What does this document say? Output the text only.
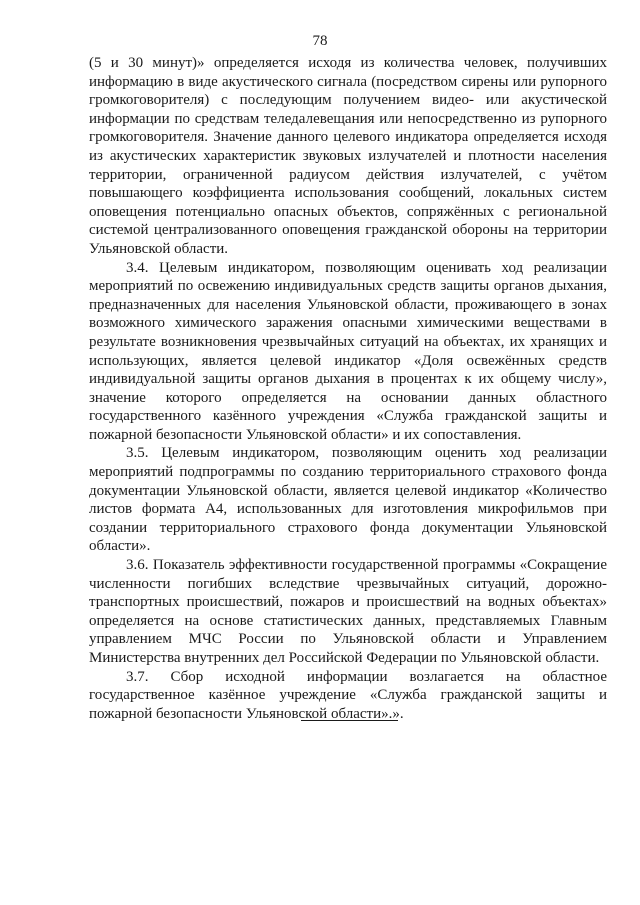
78

(5 и 30 минут)» определяется исходя из количества человек, получивших информацию в виде акустического сигнала (посредством сирены или рупорного громкоговорителя) с последующим получением видео- или акустической информации по средствам теледалевещания или непосредственно из рупорного громкоговорителя. Значение данного целевого индикатора определяется исходя из акустических характеристик звуковых излучателей и плотности населения территории, ограниченной радиусом действия излучателей, с учётом повышающего коэффициента использования сообщений, локальных систем оповещения потенциально опасных объектов, сопряжённых с региональной системой централизованного оповещения гражданской обороны на территории Ульяновской области.

3.4. Целевым индикатором, позволяющим оценивать ход реализации мероприятий по освежению индивидуальных средств защиты органов дыхания, предназначенных для населения Ульяновской области, проживающего в зонах возможного химического заражения опасными химическими веществами в результате возникновения чрезвычайных ситуаций на объектах, их хранящих и использующих, является целевой индикатор «Доля освежённых средств индивидуальной защиты органов дыхания в процентах к их общему числу», значение которого определяется на основании данных областного государственного казённого учреждения «Служба гражданской защиты и пожарной безопасности Ульяновской области» и их сопоставления.

3.5. Целевым индикатором, позволяющим оценить ход реализации мероприятий подпрограммы по созданию территориального страхового фонда документации Ульяновской области, является целевой индикатор «Количество листов формата А4, использованных для изготовления микрофильмов при создании территориального страхового фонда документации Ульяновской области».

3.6. Показатель эффективности государственной программы «Сокращение численности погибших вследствие чрезвычайных ситуаций, дорожно-транспортных происшествий, пожаров и происшествий на водных объектах» определяется на основе статистических данных, представляемых Главным управлением МЧС России по Ульяновской области и Управлением Министерства внутренних дел Российской Федерации по Ульяновской области.

3.7. Сбор исходной информации возлагается на областное государственное казённое учреждение «Служба гражданской защиты и пожарной безопасности Ульяновской области».».
